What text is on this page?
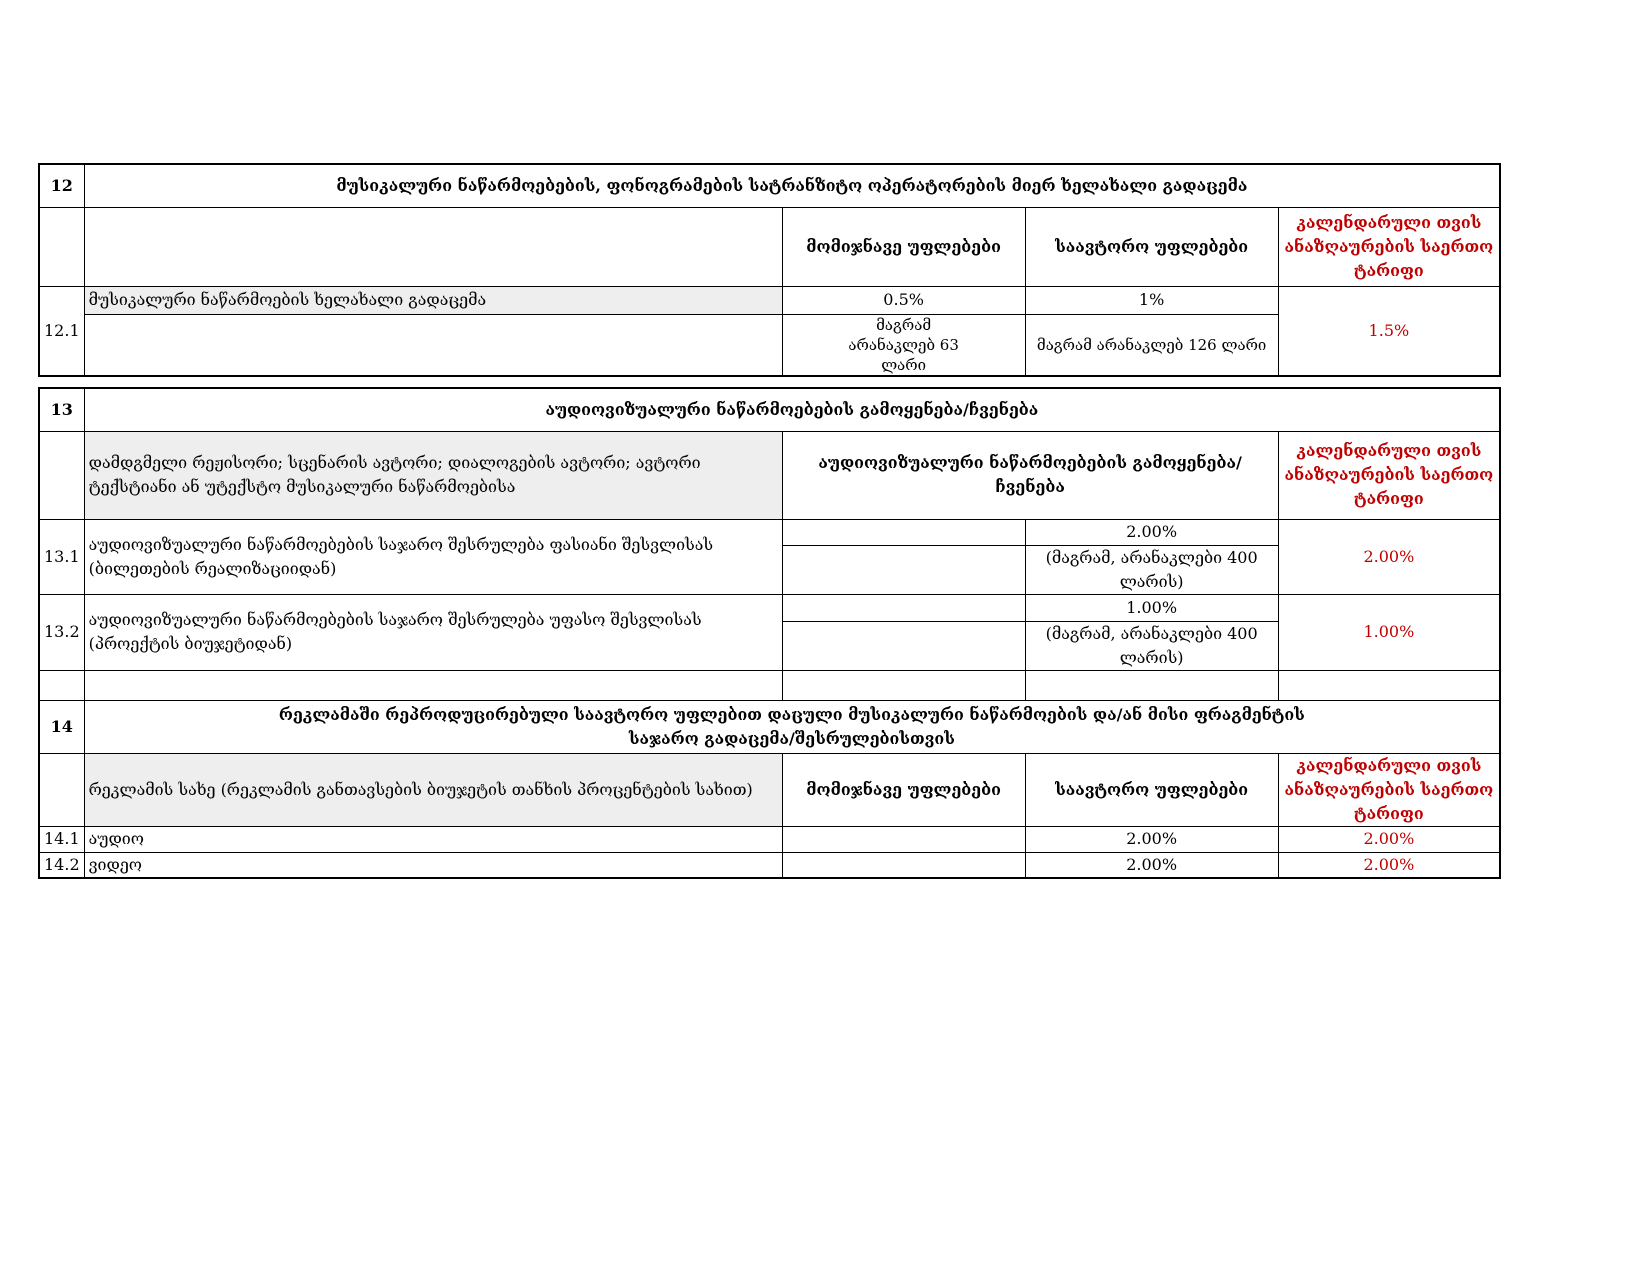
12	მუსიკალური ნაწარმოებების, ფონოგრამების სატრანზიტო ოპერატორების მიერ ხელახალი გადაცემა			
		მომიჯნავე უფლებები	საავტორო უფლებები	კალენდარული თვის ანაზღაურების საერთო ტარიფი
12.1	მუსიკალური ნაწარმოების ხელახალი გადაცემა	0.5%	1%	1.5%
		მაგრამ არანაკლებ 63 ლარი	მაგრამ არანაკლებ 126 ლარი	
13	აუდიოვიზუალური ნაწარმოებების გამოყენება/ჩვენება			
	დამდგმელი რეჟისორი; სცენარის ავტორი; დიალოგების ავტორი; ავტორი ტექსტიანი ან უტექსტო მუსიკალური ნაწარმოებისა	აუდიოვიზუალური ნაწარმოებების გამოყენება/ჩვენება		კალენდარული თვის ანაზღაურების საერთო ტარიფი
13.1	აუდიოვიზუალური ნაწარმოებების საჯარო შესრულება ფასიანი შესვლისას (ბილეთების რეალიზაციიდან)		2.00%	2.00%
			(მაგრამ, არანაკლები 400 ლარის)	
13.2	აუდიოვიზუალური ნაწარმოებების საჯარო შესრულება უფასო შესვლისას (პროექტის ბიუჯეტიდან)		1.00%	1.00%
			(მაგრამ, არანაკლები 400 ლარის)	

14	რეკლამაში რეპროდუცირებული საავტორო უფლებით დაცული მუსიკალური ნაწარმოების და/ან მისი ფრაგმენტის საჯარო გადაცემა/შესრულებისთვის			
	რეკლამის სახე (რეკლამის განთავსების ბიუჯეტის თანხის პროცენტების სახით)	მომიჯნავე უფლებები	საავტორო უფლებები	კალენდარული თვის ანაზღაურების საერთო ტარიფი
14.1	აუდიო		2.00%	2.00%
14.2	ვიდეო		2.00%	2.00%
